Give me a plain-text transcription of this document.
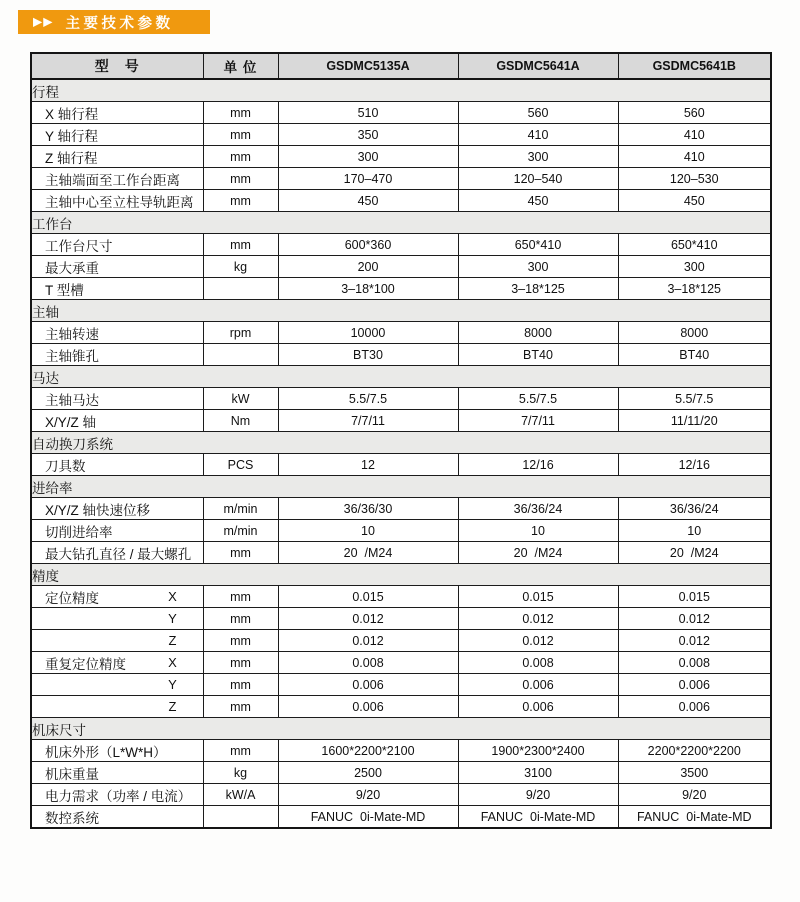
▶▶ 主要技术参数
型　号	单 位	GSDMC5135A	GSDMC5641A	GSDMC5641B
行程				
X 轴行程	mm	510	560	560
Y 轴行程	mm	350	410	410
Z 轴行程	mm	300	300	410
主轴端面至工作台距离	mm	170–470	120–540	120–530
主轴中心至立柱导轨距离	mm	450	450	450
工作台				
工作台尺寸	mm	600*360	650*410	650*410
最大承重	kg	200	300	300
T 型槽		3–18*100	3–18*125	3–18*125
主轴				
主轴转速	rpm	10000	8000	8000
主轴锥孔		BT30	BT40	BT40
马达				
主轴马达	kW	5.5/7.5	5.5/7.5	5.5/7.5
X/Y/Z 轴	Nm	7/7/11	7/7/11	11/11/20
自动换刀系统				
刀具数	PCS	12	12/16	12/16
进给率				
X/Y/Z 轴快速位移	m/min	36/36/30	36/36/24	36/36/24
切削进给率	m/min	10	10	10
最大钻孔直径 / 最大螺孔	mm	20  /M24	20  /M24	20  /M24
精度				

定位精度 X	mm	0.015	0.015	0.015

Y	mm	0.012	0.012	0.012

Z	mm	0.012	0.012	0.012

重复定位精度 X	mm	0.008	0.008	0.008

Y	mm	0.006	0.006	0.006

Z	mm	0.006	0.006	0.006
机床尺寸				
机床外形（L*W*H）	mm	1600*2200*2100	1900*2300*2400	2200*2200*2200
机床重量	kg	2500	3100	3500
电力需求（功率 / 电流）	kW/A	9/20	9/20	9/20
数控系统		FANUC  0i-Mate-MD	FANUC  0i-Mate-MD	FANUC  0i-Mate-MD
